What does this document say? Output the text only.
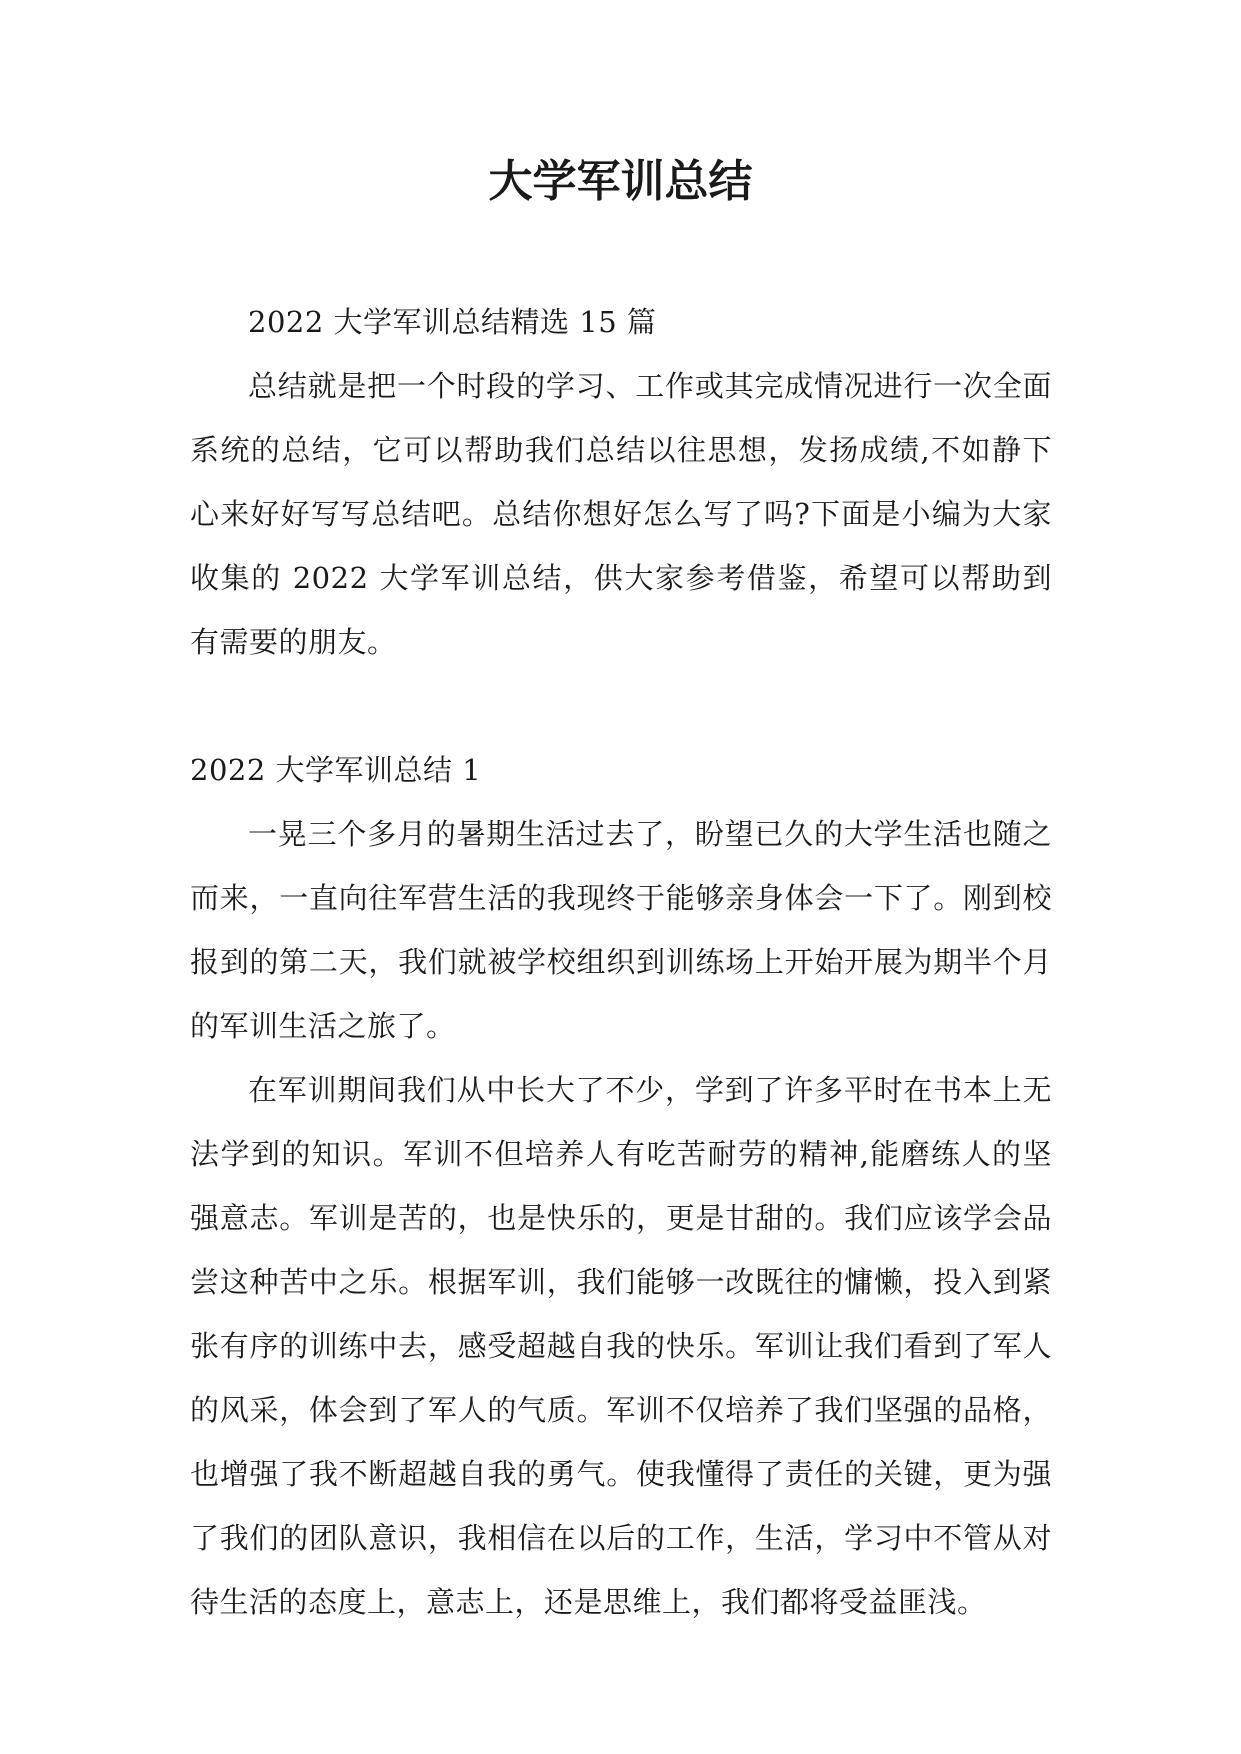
大学军训总结

2022 大学军训总结精选 15 篇

总结就是把一个时段的学习、工作或其完成情况进行一次全面系统的总结，它可以帮助我们总结以往思想，发扬成绩,不如静下心来好好写写总结吧。总结你想好怎么写了吗?下面是小编为大家收集的 2022 大学军训总结，供大家参考借鉴，希望可以帮助到有需要的朋友。

2022 大学军训总结 1

一晃三个多月的暑期生活过去了，盼望已久的大学生活也随之而来，一直向往军营生活的我现终于能够亲身体会一下了。刚到校报到的第二天，我们就被学校组织到训练场上开始开展为期半个月的军训生活之旅了。

在军训期间我们从中长大了不少，学到了许多平时在书本上无法学到的知识。军训不但培养人有吃苦耐劳的精神,能磨练人的坚强意志。军训是苦的，也是快乐的，更是甘甜的。我们应该学会品尝这种苦中之乐。根据军训，我们能够一改既往的慵懒，投入到紧张有序的训练中去，感受超越自我的快乐。军训让我们看到了军人的风采，体会到了军人的气质。军训不仅培养了我们坚强的品格，也增强了我不断超越自我的勇气。使我懂得了责任的关键，更为强了我们的团队意识，我相信在以后的工作，生活，学习中不管从对待生活的态度上，意志上，还是思维上，我们都将受益匪浅。
